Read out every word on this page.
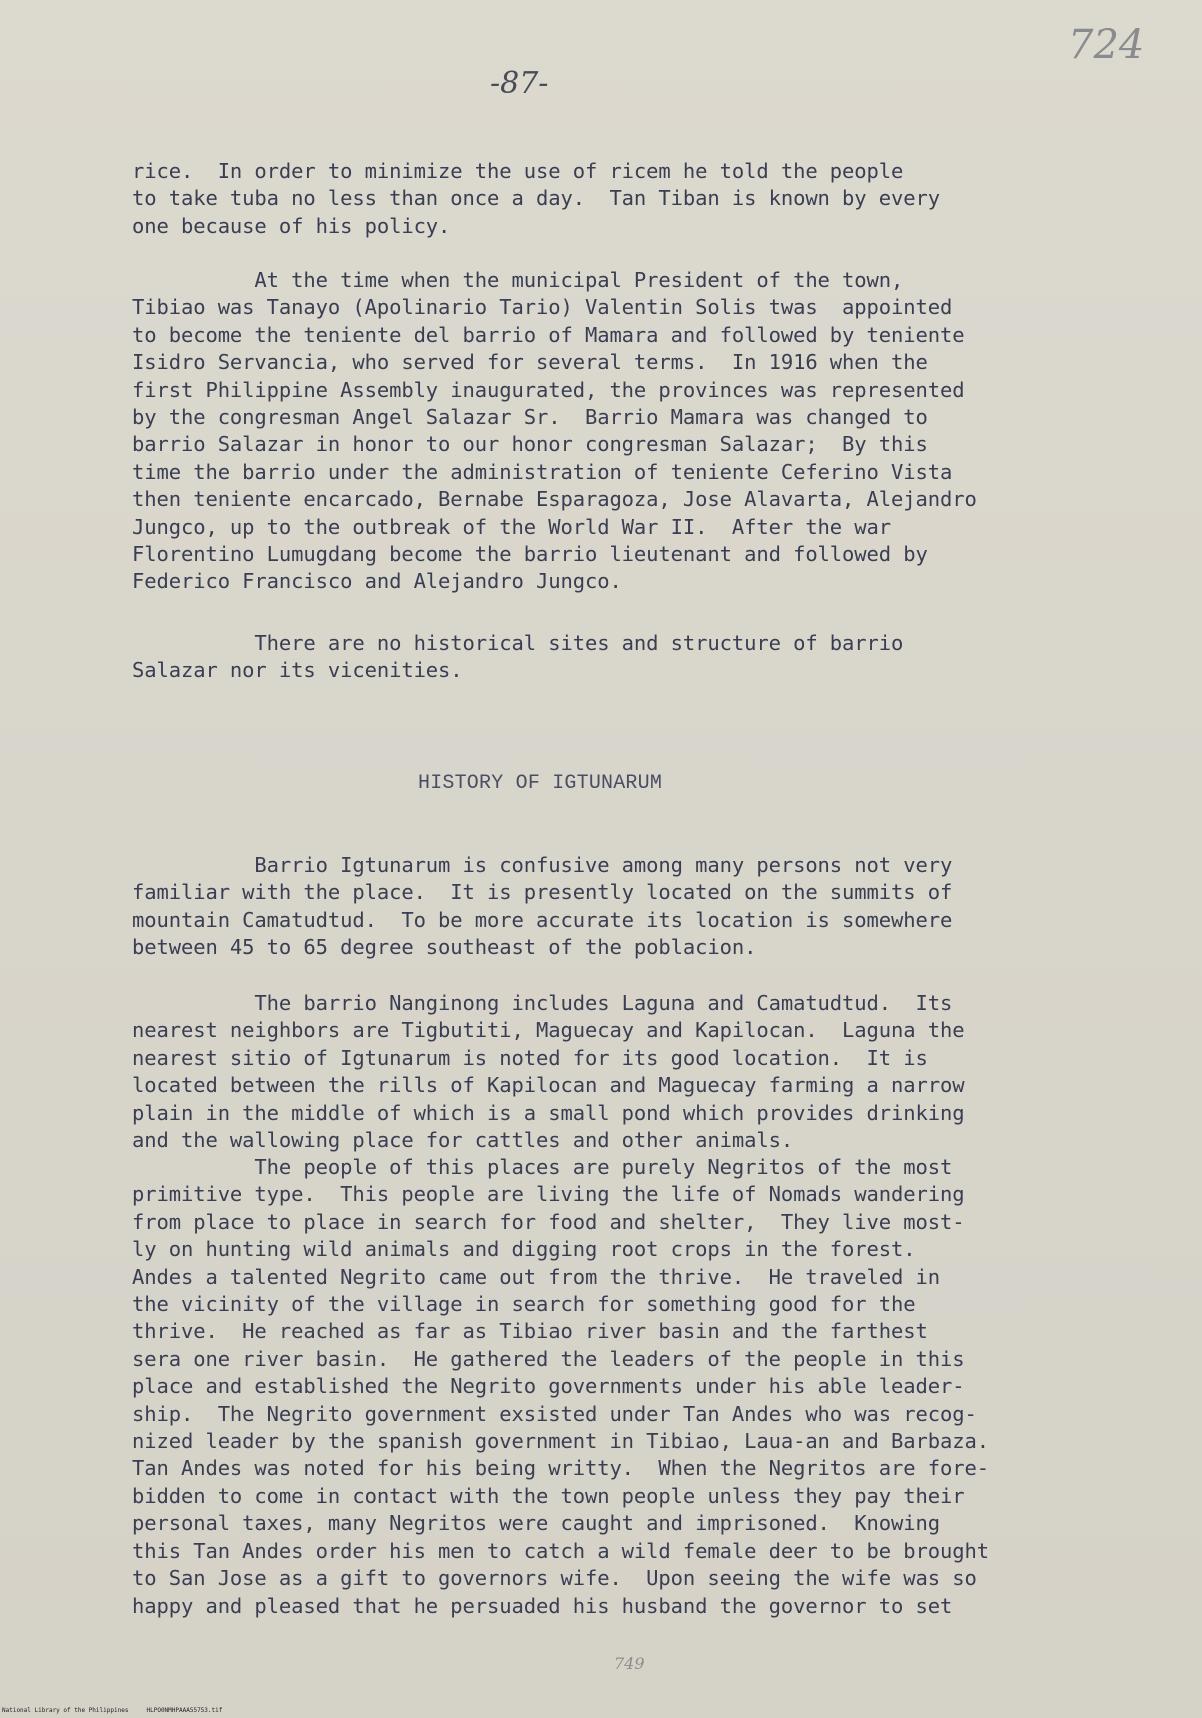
-87-
724
rice.  In order to minimize the use of ricem he told the people
to take tuba no less than once a day.  Tan Tiban is known by every
one because of his policy.
At the time when the municipal President of the town,
Tibiao was Tanayo (Apolinario Tario) Valentin Solis twas  appointed
to become the teniente del barrio of Mamara and followed by teniente
Isidro Servancia, who served for several terms.  In 1916 when the
first Philippine Assembly inaugurated, the provinces was represented
by the congresman Angel Salazar Sr.  Barrio Mamara was changed to
barrio Salazar in honor to our honor congresman Salazar;  By this
time the barrio under the administration of teniente Ceferino Vista
then teniente encarcado, Bernabe Esparagoza, Jose Alavarta, Alejandro
Jungco, up to the outbreak of the World War II.  After the war
Florentino Lumugdang become the barrio lieutenant and followed by
Federico Francisco and Alejandro Jungco.
There are no historical sites and structure of barrio
Salazar nor its vicenities.
HISTORY OF IGTUNARUM
Barrio Igtunarum is confusive among many persons not very
familiar with the place.  It is presently located on the summits of
mountain Camatudtud.  To be more accurate its location is somewhere
between 45 to 65 degree southeast of the poblacion.
The barrio Nanginong includes Laguna and Camatudtud.  Its
nearest neighbors are Tigbutiti, Maguecay and Kapilocan.  Laguna the
nearest sitio of Igtunarum is noted for its good location.  It is
located between the rills of Kapilocan and Maguecay farming a narrow
plain in the middle of which is a small pond which provides drinking
and the wallowing place for cattles and other animals.
The people of this places are purely Negritos of the most
primitive type.  This people are living the life of Nomads wandering
from place to place in search for food and shelter,  They live most-
ly on hunting wild animals and digging root crops in the forest.
Andes a talented Negrito came out from the thrive.  He traveled in
the vicinity of the village in search for something good for the
thrive.  He reached as far as Tibiao river basin and the farthest
sera one river basin.  He gathered the leaders of the people in this
place and established the Negrito governments under his able leader-
ship.  The Negrito government exsisted under Tan Andes who was recog-
nized leader by the spanish government in Tibiao, Laua-an and Barbaza.
Tan Andes was noted for his being writty.  When the Negritos are fore-
bidden to come in contact with the town people unless they pay their
personal taxes, many Negritos were caught and imprisoned.  Knowing
this Tan Andes order his men to catch a wild female deer to be brought
to San Jose as a gift to governors wife.  Upon seeing the wife was so
happy and pleased that he persuaded his husband the governor to set
749
National Library of the Philippines     HLPO0NMHPAAA55753.tif
